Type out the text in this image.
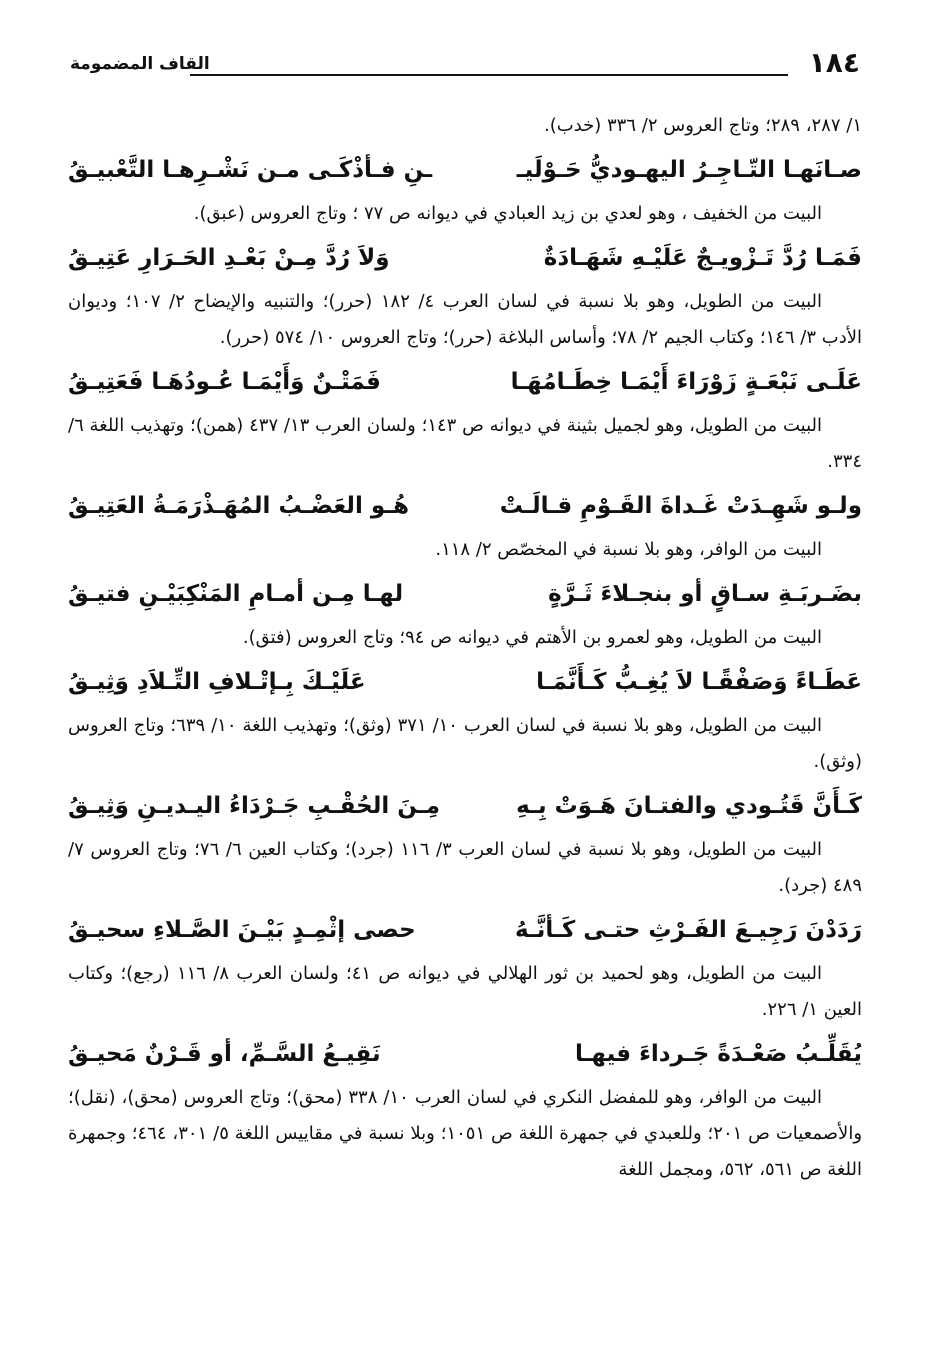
١٨٤
القاف المضمومة

١/ ٢٨٧، ٢٨٩؛ وتاج العروس ٢/ ٣٣٦ (خدب).

صـانَهـا التّـاجِـرُ اليهـوديُّ حَـوْلَيـ
ـنِ فـأذْكَـى مـن نَشْـرِهـا التَّعْبيـقُ

البيت من الخفيف ، وهو لعدي بن زيد العبادي في ديوانه ص ٧٧ ؛ وتاج العروس (عبق).

فَمَـا رُدَّ تَـزْويـجٌ عَلَيْـهِ شَهَـادَةٌ
وَلاَ رُدَّ مِـنْ بَعْـدِ الحَـرَارِ عَتِيـقُ

البيت من الطويل، وهو بلا نسبة في لسان العرب ٤/ ١٨٢ (حرر)؛ والتنبيه والإيضاح ٢/ ١٠٧؛ وديوان الأدب ٣/ ١٤٦؛ وكتاب الجيم ٢/ ٧٨؛ وأساس البلاغة (حرر)؛ وتاج العروس ١٠/ ٥٧٤ (حرر).

عَلَـى نَبْعَـةٍ زَوْرَاءَ أَيْمَـا خِطَـامُهَـا
فَمَتْـنٌ وَأَيْمَـا عُـودُهَـا فَعَتِيـقُ

البيت من الطويل، وهو لجميل بثينة في ديوانه ص ١٤٣؛ ولسان العرب ١٣/ ٤٣٧ (همن)؛ وتهذيب اللغة ٦/ ٣٣٤.

ولـو شَهِـدَتْ غَـداةَ القَـوْمِ قـالَـتْ
هُـو العَضْـبُ المُهَـذْرَمَـةُ العَتِيـقُ

البيت من الوافر، وهو بلا نسبة في المخصّص ٢/ ١١٨.

بضَـربَـةِ سـاقٍ أو بنجـلاءَ ثَـرَّةٍ
لهـا مِـن أمـامِ المَنْكِبَيْـنِ فتيـقُ

البيت من الطويل، وهو لعمرو بن الأهتم في ديوانه ص ٩٤؛ وتاج العروس (فتق).

عَطَـاءً وَصَفْقًـا لاَ يُغِـبُّ كَـأَنَّمَـا
عَلَيْـكَ بِـإتْـلافِ التِّـلاَدِ وَثِيـقُ

البيت من الطويل، وهو بلا نسبة في لسان العرب ١٠/ ٣٧١ (وثق)؛ وتهذيب اللغة ١٠/ ٦٣٩؛ وتاج العروس (وثق).

كَـأَنَّ قَتُـودي والفتـانَ هَـوَتْ بِـهِ
مِـنَ الحُقْـبِ جَـرْدَاءُ اليـديـنِ وَثِيـقُ

البيت من الطويل، وهو بلا نسبة في لسان العرب ٣/ ١١٦ (جرد)؛ وكتاب العين ٦/ ٧٦؛ وتاج العروس ٧/ ٤٨٩ (جرد).

رَدَدْنَ رَجِيـعَ الفَـرْثِ حتـى كَـأنَّـهُ
حصى إثْمِـدٍ بَيْـنَ الصَّـلاءِ سحيـقُ

البيت من الطويل، وهو لحميد بن ثور الهلالي في ديوانه ص ٤١؛ ولسان العرب ٨/ ١١٦ (رجع)؛ وكتاب العين ١/ ٢٢٦.

يُقَلِّـبُ صَعْـدَةً جَـرداءَ فيهـا
نَقِيـعُ السَّـمِّ، أو قَـرْنٌ مَحيـقُ

البيت من الوافر، وهو للمفضل النكري في لسان العرب ١٠/ ٣٣٨ (محق)؛ وتاج العروس (محق)، (نقل)؛ والأصمعيات ص ٢٠١؛ وللعبدي في جمهرة اللغة ص ١٠٥١؛ وبلا نسبة في مقاييس اللغة ٥/ ٣٠١، ٤٦٤؛ وجمهرة اللغة ص ٥٦١، ٥٦٢، ومجمل اللغة
